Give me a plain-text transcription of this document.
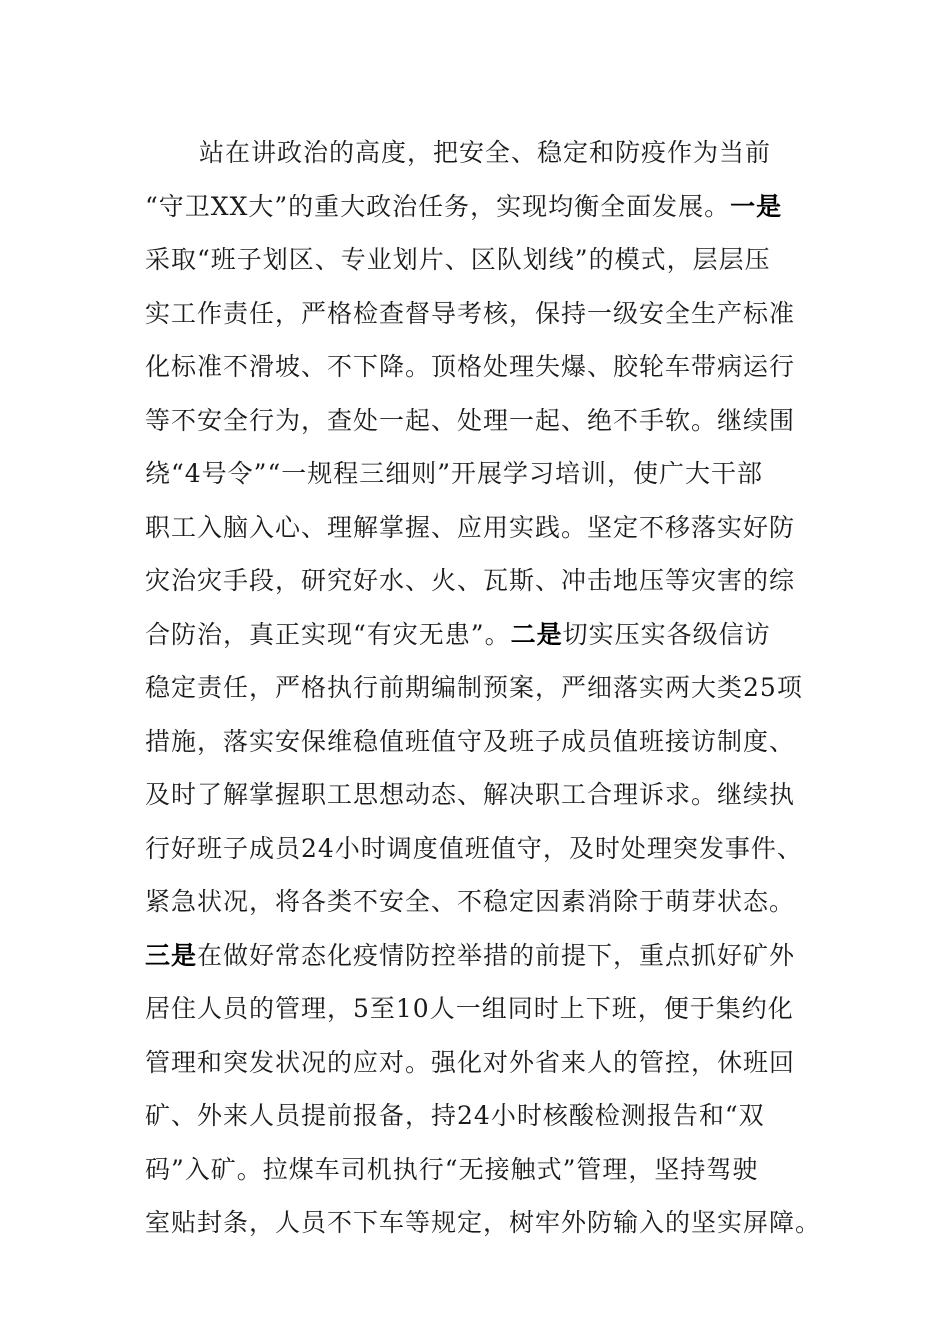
站在讲政治的高度，把安全、稳定和防疫作为当前
“守卫XX大”的重大政治任务，实现均衡全面发展。一是
采取“班子划区、专业划片、区队划线”的模式，层层压
实工作责任，严格检查督导考核，保持一级安全生产标准
化标准不滑坡、不下降。顶格处理失爆、胶轮车带病运行
等不安全行为，查处一起、处理一起、绝不手软。继续围
绕“4号令”“一规程三细则”开展学习培训，使广大干部
职工入脑入心、理解掌握、应用实践。坚定不移落实好防
灾治灾手段，研究好水、火、瓦斯、冲击地压等灾害的综
合防治，真正实现“有灾无患”。二是切实压实各级信访
稳定责任，严格执行前期编制预案，严细落实两大类25项
措施，落实安保维稳值班值守及班子成员值班接访制度、
及时了解掌握职工思想动态、解决职工合理诉求。继续执
行好班子成员24小时调度值班值守，及时处理突发事件、
紧急状况，将各类不安全、不稳定因素消除于萌芽状态。
三是在做好常态化疫情防控举措的前提下，重点抓好矿外
居住人员的管理，5至10人一组同时上下班，便于集约化
管理和突发状况的应对。强化对外省来人的管控，休班回
矿、外来人员提前报备，持24小时核酸检测报告和“双
码”入矿。拉煤车司机执行“无接触式”管理，坚持驾驶
室贴封条，人员不下车等规定，树牢外防输入的坚实屏障。
